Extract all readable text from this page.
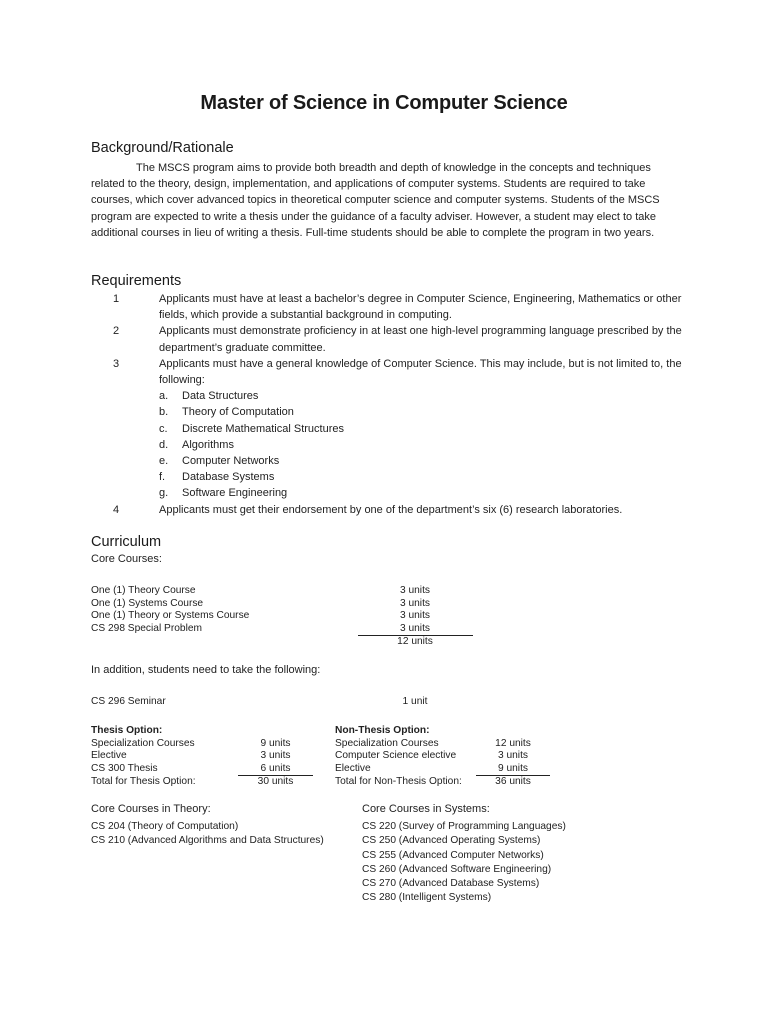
Master of Science in Computer Science
Background/Rationale
The MSCS program aims to provide both breadth and depth of knowledge in the concepts and techniques related to the theory, design, implementation, and applications of computer systems. Students are required to take courses, which cover advanced topics in theoretical computer science and computer systems. Students of the MSCS program are expected to write a thesis under the guidance of a faculty adviser. However, a student may elect to take additional courses in lieu of writing a thesis. Full-time students should be able to complete the program in two years.
Requirements
1	Applicants must have at least a bachelor’s degree in Computer Science, Engineering, Mathematics or other fields, which provide a substantial background in computing.
2	Applicants must demonstrate proficiency in at least one high-level programming language prescribed by the department’s graduate committee.
3	Applicants must have a general knowledge of Computer Science. This may include, but is not limited to, the following:
a. Data Structures
b. Theory of Computation
c. Discrete Mathematical Structures
d. Algorithms
e. Computer Networks
f. Database Systems
g. Software Engineering
4	Applicants must get their endorsement by one of the department’s six (6) research laboratories.
Curriculum
Core Courses:
One (1) Theory Course	3 units
One (1) Systems Course	3 units
One (1) Theory or Systems Course	3 units
CS 298 Special Problem	3 units
12 units
In addition, students need to take the following:
CS 296 Seminar	1 unit
Thesis Option:
Specialization Courses	9 units
Elective	3 units
CS 300 Thesis	6 units
Total for Thesis Option:	30 units
Non-Thesis Option:
Specialization Courses	12 units
Computer Science elective	3 units
Elective	9 units
Total for Non-Thesis Option:	36 units
Core Courses in Theory:
CS 204 (Theory of Computation)
CS 210 (Advanced Algorithms and Data Structures)
Core Courses in Systems:
CS 220 (Survey of Programming Languages)
CS 250 (Advanced Operating Systems)
CS 255 (Advanced Computer Networks)
CS 260 (Advanced Software Engineering)
CS 270 (Advanced Database Systems)
CS 280 (Intelligent Systems)
